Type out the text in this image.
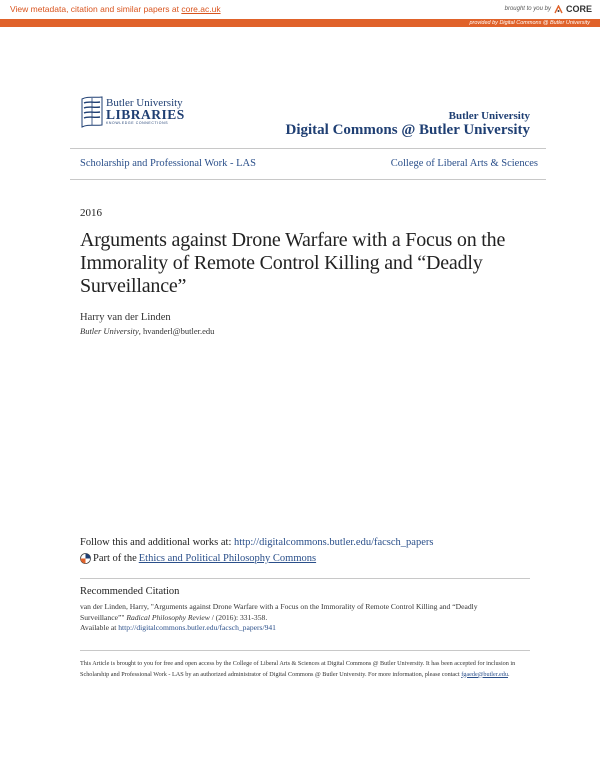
View metadata, citation and similar papers at core.ac.uk	brought to you by CORE
provided by Digital Commons @ Butler University
Butler University
LIBRARIES
KNOWLEDGE CONNECTIONS
Butler University
Digital Commons @ Butler University
Scholarship and Professional Work - LAS	College of Liberal Arts & Sciences
2016
Arguments against Drone Warfare with a Focus on the Immorality of Remote Control Killing and “Deadly Surveillance”
Harry van der Linden
Butler University, hvanderl@butler.edu
Follow this and additional works at: http://digitalcommons.butler.edu/facsch_papers
Part of the Ethics and Political Philosophy Commons
Recommended Citation
van der Linden, Harry, "Arguments against Drone Warfare with a Focus on the Immorality of Remote Control Killing and “Deadly Surveillance”" Radical Philosophy Review / (2016): 331-358.
Available at http://digitalcommons.butler.edu/facsch_papers/941
This Article is brought to you for free and open access by the College of Liberal Arts & Sciences at Digital Commons @ Butler University. It has been accepted for inclusion in Scholarship and Professional Work - LAS by an authorized administrator of Digital Commons @ Butler University. For more information, please contact fgaede@butler.edu.
